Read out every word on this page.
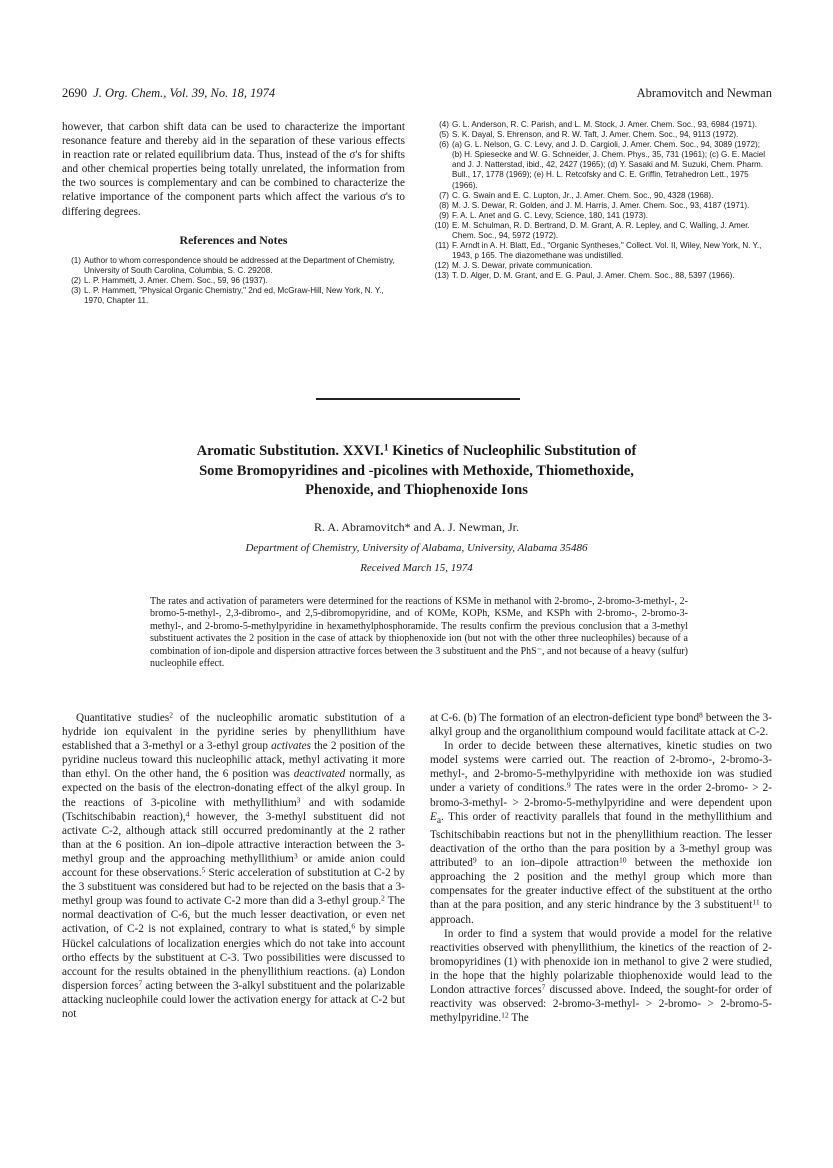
2690 J. Org. Chem., Vol. 39, No. 18, 1974	Abramovitch and Newman

however, that carbon shift data can be used to characterize the important resonance feature and thereby aid in the separation of these various effects in reaction rate or related equilibrium data. Thus, instead of the σ's for shifts and other chemical properties being totally unrelated, the information from the two sources is complementary and can be combined to characterize the relative importance of the component parts which affect the various σ's to differing degrees.

References and Notes

(1) Author to whom correspondence should be addressed at the Department of Chemistry, University of South Carolina, Columbia, S. C. 29208.
(2) L. P. Hammett, J. Amer. Chem. Soc., 59, 96 (1937).
(3) L. P. Hammett, "Physical Organic Chemistry," 2nd ed, McGraw-Hill, New York, N. Y., 1970, Chapter 11.
(4) G. L. Anderson, R. C. Parish, and L. M. Stock, J. Amer. Chem. Soc., 93, 6984 (1971).
(5) S. K. Dayal, S. Ehrenson, and R. W. Taft, J. Amer. Chem. Soc., 94, 9113 (1972).
(6) (a) G. L. Nelson, G. C. Levy, and J. D. Cargioli, J. Amer. Chem. Soc., 94, 3089 (1972); (b) H. Spiesecke and W. G. Schneider, J. Chem. Phys., 35, 731 (1961); (c) G. E. Maciel and J. J. Natterstad, ibid., 42, 2427 (1965); (d) Y. Sasaki and M. Suzuki, Chem. Pharm. Bull., 17, 1778 (1969); (e) H. L. Retcofsky and C. E. Griffin, Tetrahedron Lett., 1975 (1966).
(7) C. G. Swain and E. C. Lupton, Jr., J. Amer. Chem. Soc., 90, 4328 (1968).
(8) M. J. S. Dewar, R. Golden, and J. M. Harris, J. Amer. Chem. Soc., 93, 4187 (1971).
(9) F. A. L. Anet and G. C. Levy, Science, 180, 141 (1973).
(10) E. M. Schulman, R. D. Bertrand, D. M. Grant, A. R. Lepley, and C. Walling, J. Amer. Chem. Soc., 94, 5972 (1972).
(11) F. Arndt in A. H. Blatt, Ed., "Organic Syntheses," Collect. Vol. II, Wiley, New York, N. Y., 1943, p 165. The diazomethane was undistilled.
(12) M. J. S. Dewar, private communication.
(13) T. D. Alger, D. M. Grant, and E. G. Paul, J. Amer. Chem. Soc., 88, 5397 (1966).
Aromatic Substitution. XXVI.$^1$ Kinetics of Nucleophilic Substitution of
Some Bromopyridines and -picolines with Methoxide, Thiomethoxide,
Phenoxide, and Thiophenoxide Ions
R. A. Abramovitch* and A. J. Newman, Jr.
Department of Chemistry, University of Alabama, University, Alabama 35486
Received March 15, 1974

The rates and activation of parameters were determined for the reactions of KSMe in methanol with 2-bromo-, 2-bromo-3-methyl-, 2-bromo-5-methyl-, 2,3-dibromo-, and 2,5-dibromopyridine, and of KOMe, KOPh, KSMe, and KSPh with 2-bromo-, 2-bromo-3-methyl-, and 2-bromo-5-methylpyridine in hexamethylphosphoramide. The results confirm the previous conclusion that a 3-methyl substituent activates the 2 position in the case of attack by thiophenoxide ion (but not with the other three nucleophiles) because of a combination of ion-dipole and dispersion attractive forces between the 3 substituent and the PhS⁻, and not because of a heavy (sulfur) nucleophile effect.

Quantitative studies$^2$ of the nucleophilic aromatic substitution of a hydride ion equivalent in the pyridine series by phenyllithium have established that a 3-methyl or a 3-ethyl group activates the 2 position of the pyridine nucleus toward this nucleophilic attack, methyl activating it more than ethyl. On the other hand, the 6 position was deactivated normally, as expected on the basis of the electron-donating effect of the alkyl group. In the reactions of 3-picoline with methyllithium$^3$ and with sodamide (Tschitschibabin reaction),$^4$ however, the 3-methyl substituent did not activate C-2, although attack still occurred predominantly at the 2 rather than at the 6 position. An ion–dipole attractive interaction between the 3-methyl group and the approaching methyllithium$^3$ or amide anion could account for these observations.$^5$ Steric acceleration of substitution at C-2 by the 3 substituent was considered but had to be rejected on the basis that a 3-methyl group was found to activate C-2 more than did a 3-ethyl group.$^2$ The normal deactivation of C-6, but the much lesser deactivation, or even net activation, of C-2 is not explained, contrary to what is stated,$^6$ by simple Hückel calculations of localization energies which do not take into account ortho effects by the substituent at C-3. Two possibilities were discussed to account for the results obtained in the phenyllithium reactions. (a) London dispersion forces$^7$ acting between the 3-alkyl substituent and the polarizable attacking nucleophile could lower the activation energy for attack at C-2 but not

at C-6. (b) The formation of an electron-deficient type bond$^8$ between the 3-alkyl group and the organolithium compound would facilitate attack at C-2.

In order to decide between these alternatives, kinetic studies on two model systems were carried out. The reaction of 2-bromo-, 2-bromo-3-methyl-, and 2-bromo-5-methylpyridine with methoxide ion was studied under a variety of conditions.$^9$ The rates were in the order 2-bromo- > 2-bromo-3-methyl- > 2-bromo-5-methylpyridine and were dependent upon $E_a$. This order of reactivity parallels that found in the methyllithium and Tschitschibabin reactions but not in the phenyllithium reaction. The lesser deactivation of the ortho than the para position by a 3-methyl group was attributed$^9$ to an ion–dipole attraction$^{10}$ between the methoxide ion approaching the 2 position and the methyl group which more than compensates for the greater inductive effect of the substituent at the ortho than at the para position, and any steric hindrance by the 3 substituent$^{11}$ to approach.

In order to find a system that would provide a model for the relative reactivities observed with phenyllithium, the kinetics of the reaction of 2-bromopyridines (1) with phenoxide ion in methanol to give 2 were studied, in the hope that the highly polarizable thiophenoxide would lead to the London attractive forces$^7$ discussed above. Indeed, the sought-for order of reactivity was observed: 2-bromo-3-methyl- > 2-bromo- > 2-bromo-5-methylpyridine.$^{12}$ The
